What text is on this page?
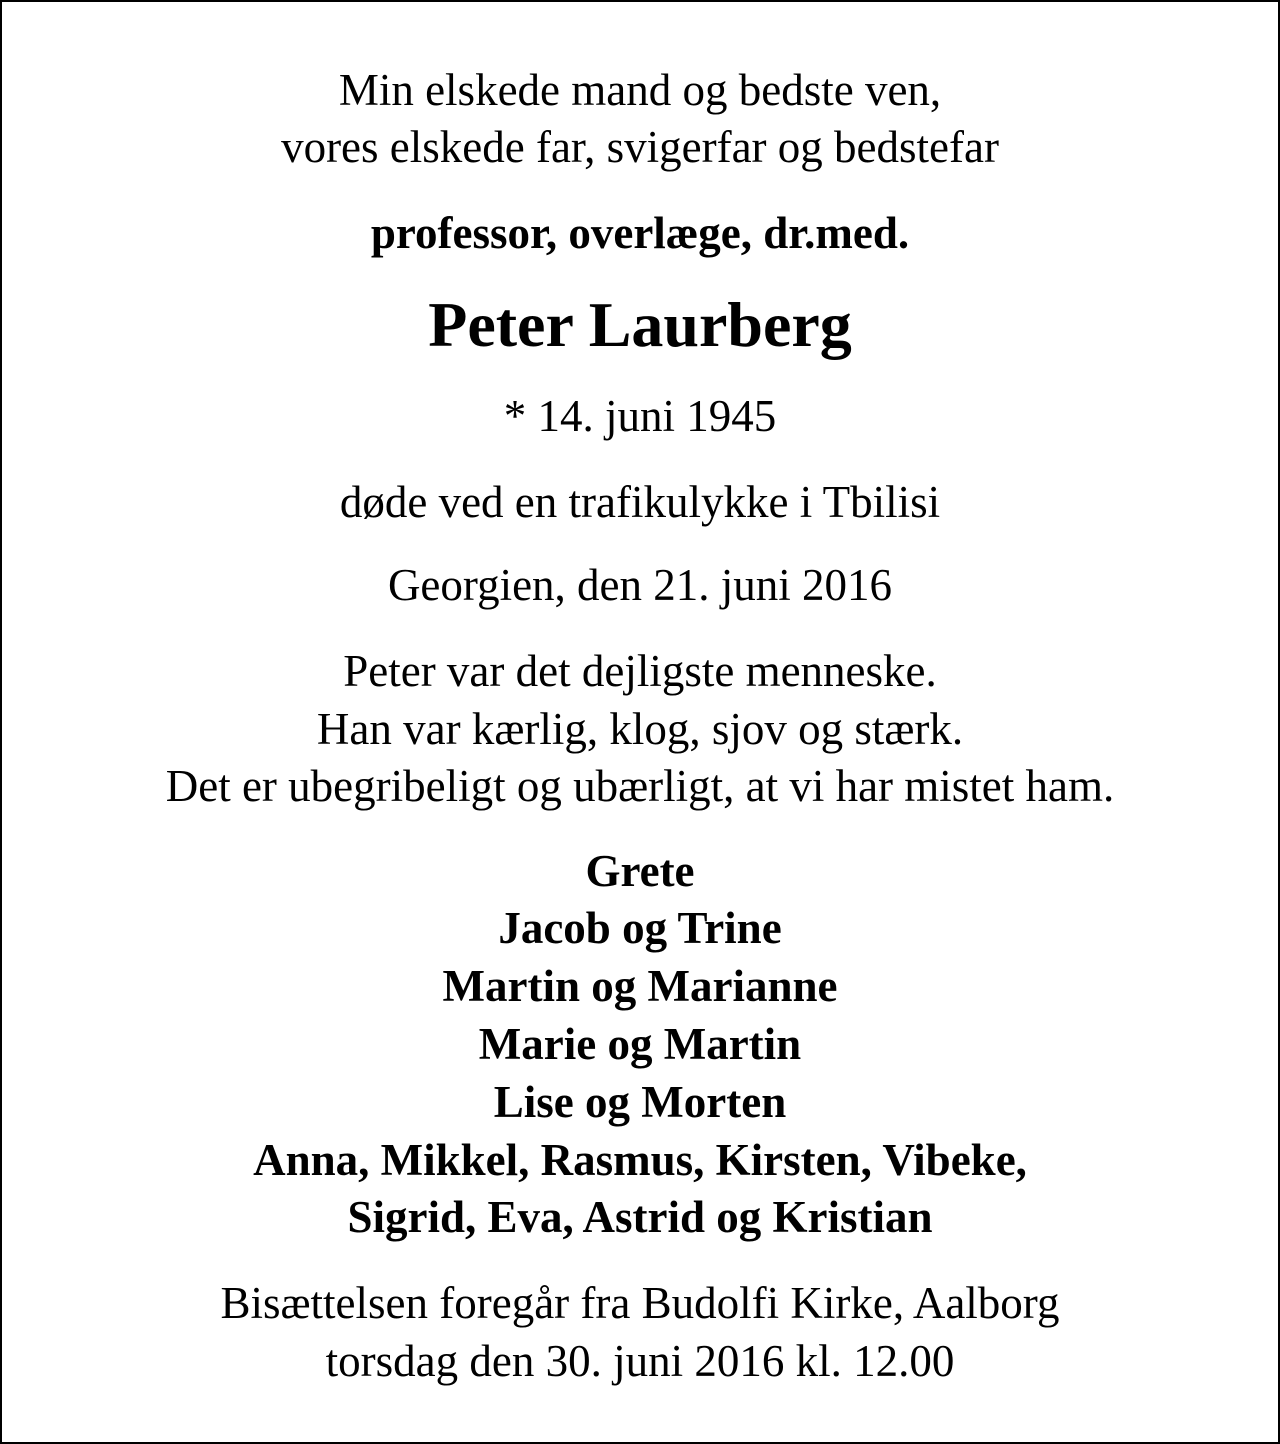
Min elskede mand og bedste ven,
vores elskede far, svigerfar og bedstefar
professor, overlæge, dr.med.
Peter Laurberg
* 14. juni 1945
døde ved en trafikulykke i Tbilisi
Georgien, den 21. juni 2016
Peter var det dejligste menneske.
Han var kærlig, klog, sjov og stærk.
Det er ubegribeligt og ubærligt, at vi har mistet ham.
Grete
Jacob og Trine
Martin og Marianne
Marie og Martin
Lise og Morten
Anna, Mikkel, Rasmus, Kirsten, Vibeke,
Sigrid, Eva, Astrid og Kristian
Bisættelsen foregår fra Budolfi Kirke, Aalborg
torsdag den 30. juni 2016 kl. 12.00
